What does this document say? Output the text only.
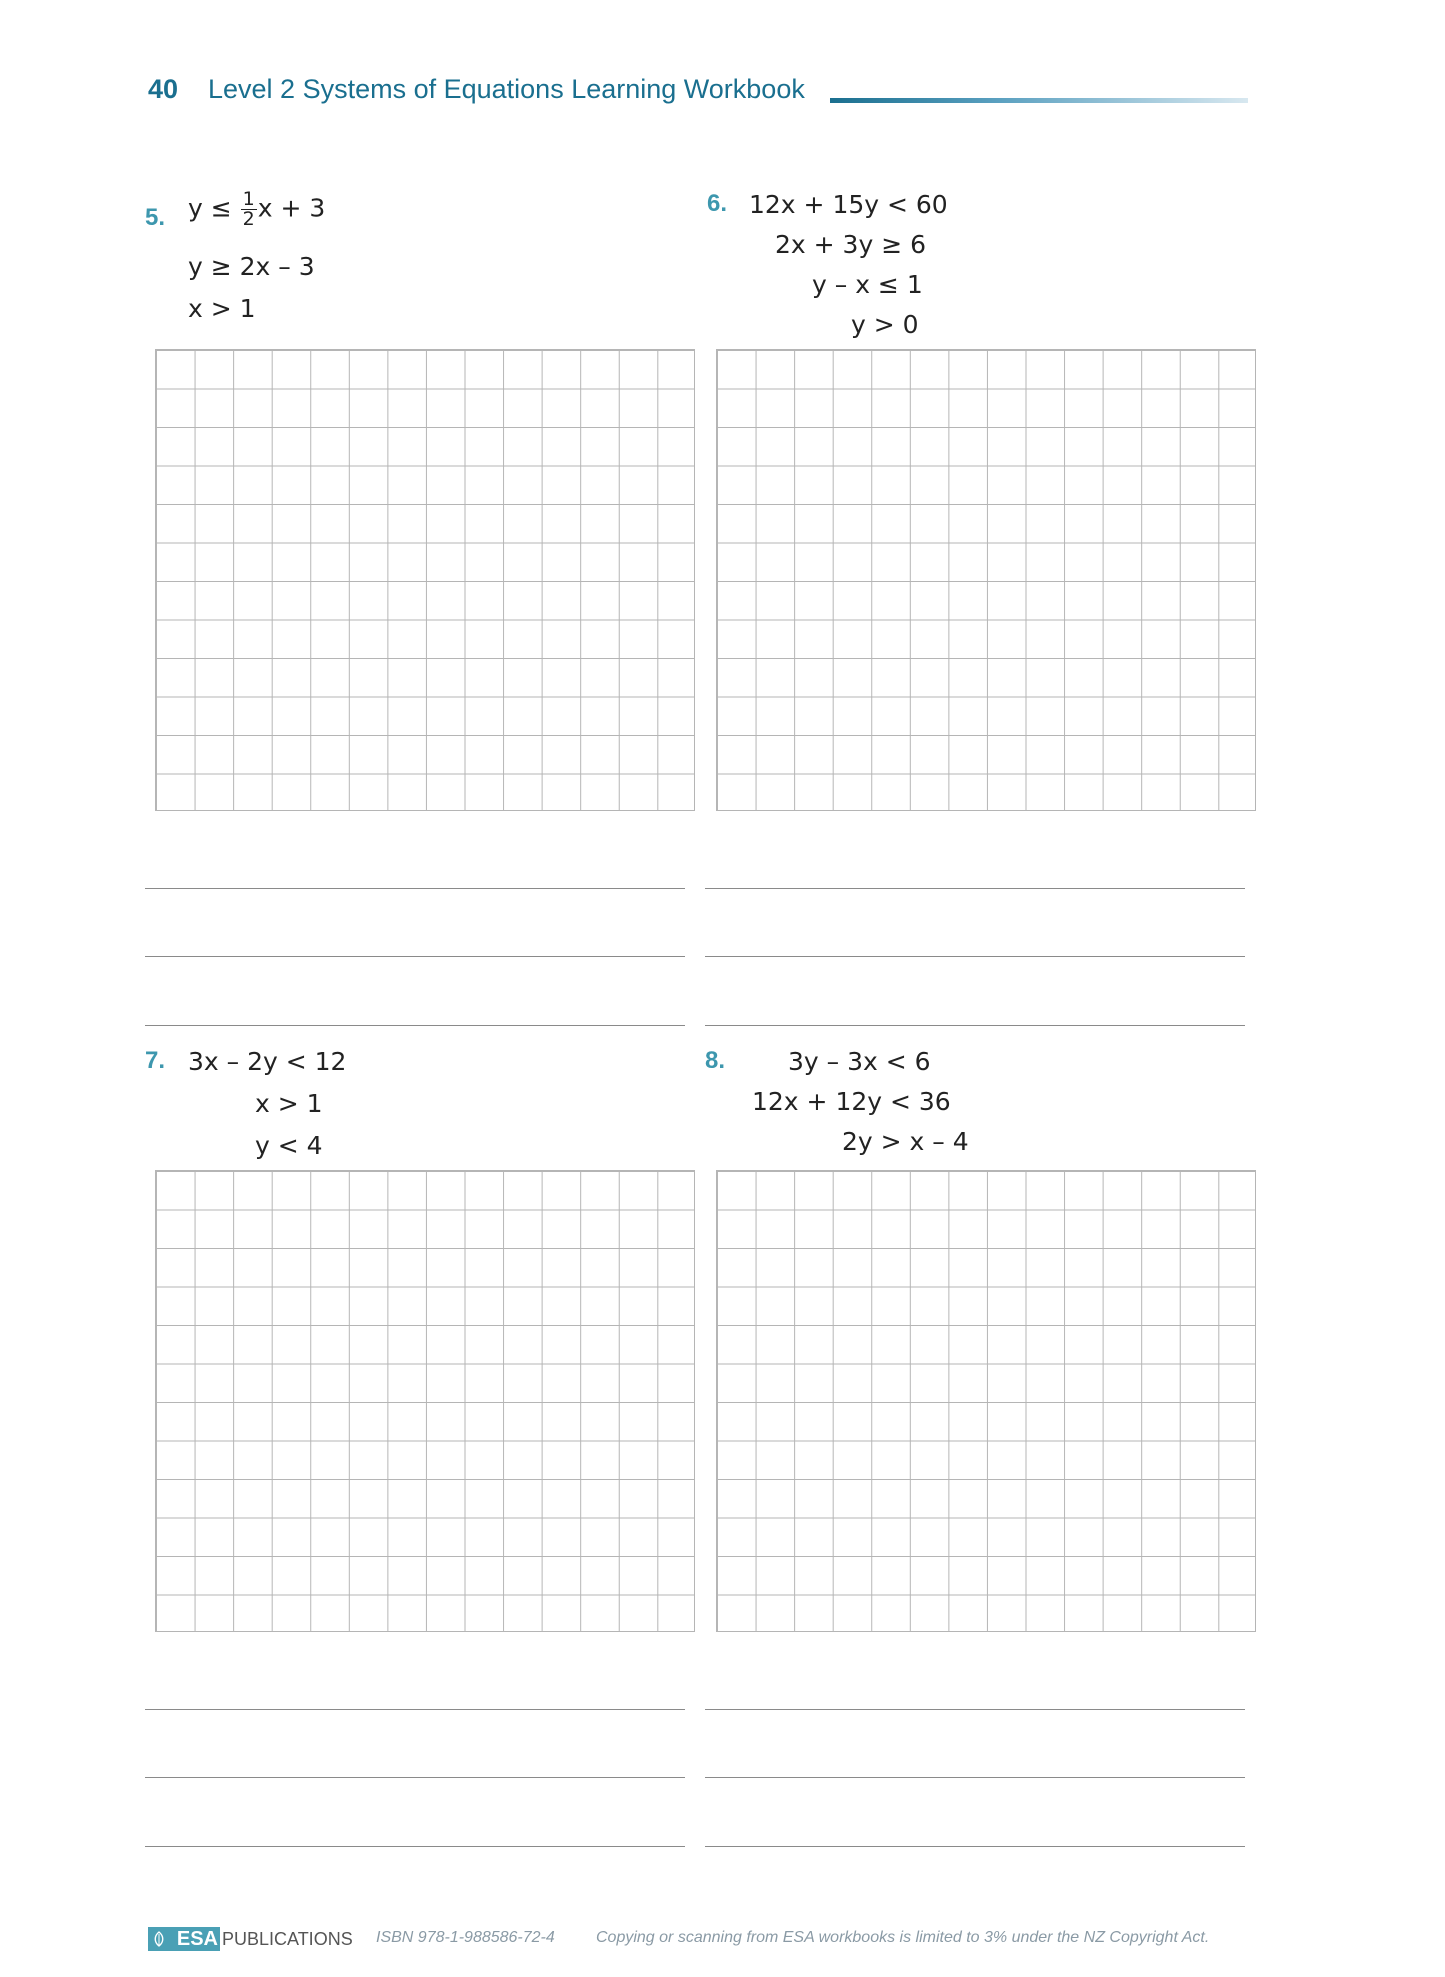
40 Level 2 Systems of Equations Learning Workbook
5. $y \le \frac{1}{2}$ x + 3
y ≥ 2x – 3
x > 1
6. 12x + 15y < 60
2x + 3y ≥ 6
y – x ≤ 1
y > 0
7. 3x – 2y < 12
x > 1
y < 4
8.	3y – 3x < 6
12x + 12y < 36
2y > x – 4
ESA PUBLICATIONS ISBN 978-1-988586-72-4	Copying or scanning from ESA workbooks is limited to 3% under the NZ Copyright Act.
